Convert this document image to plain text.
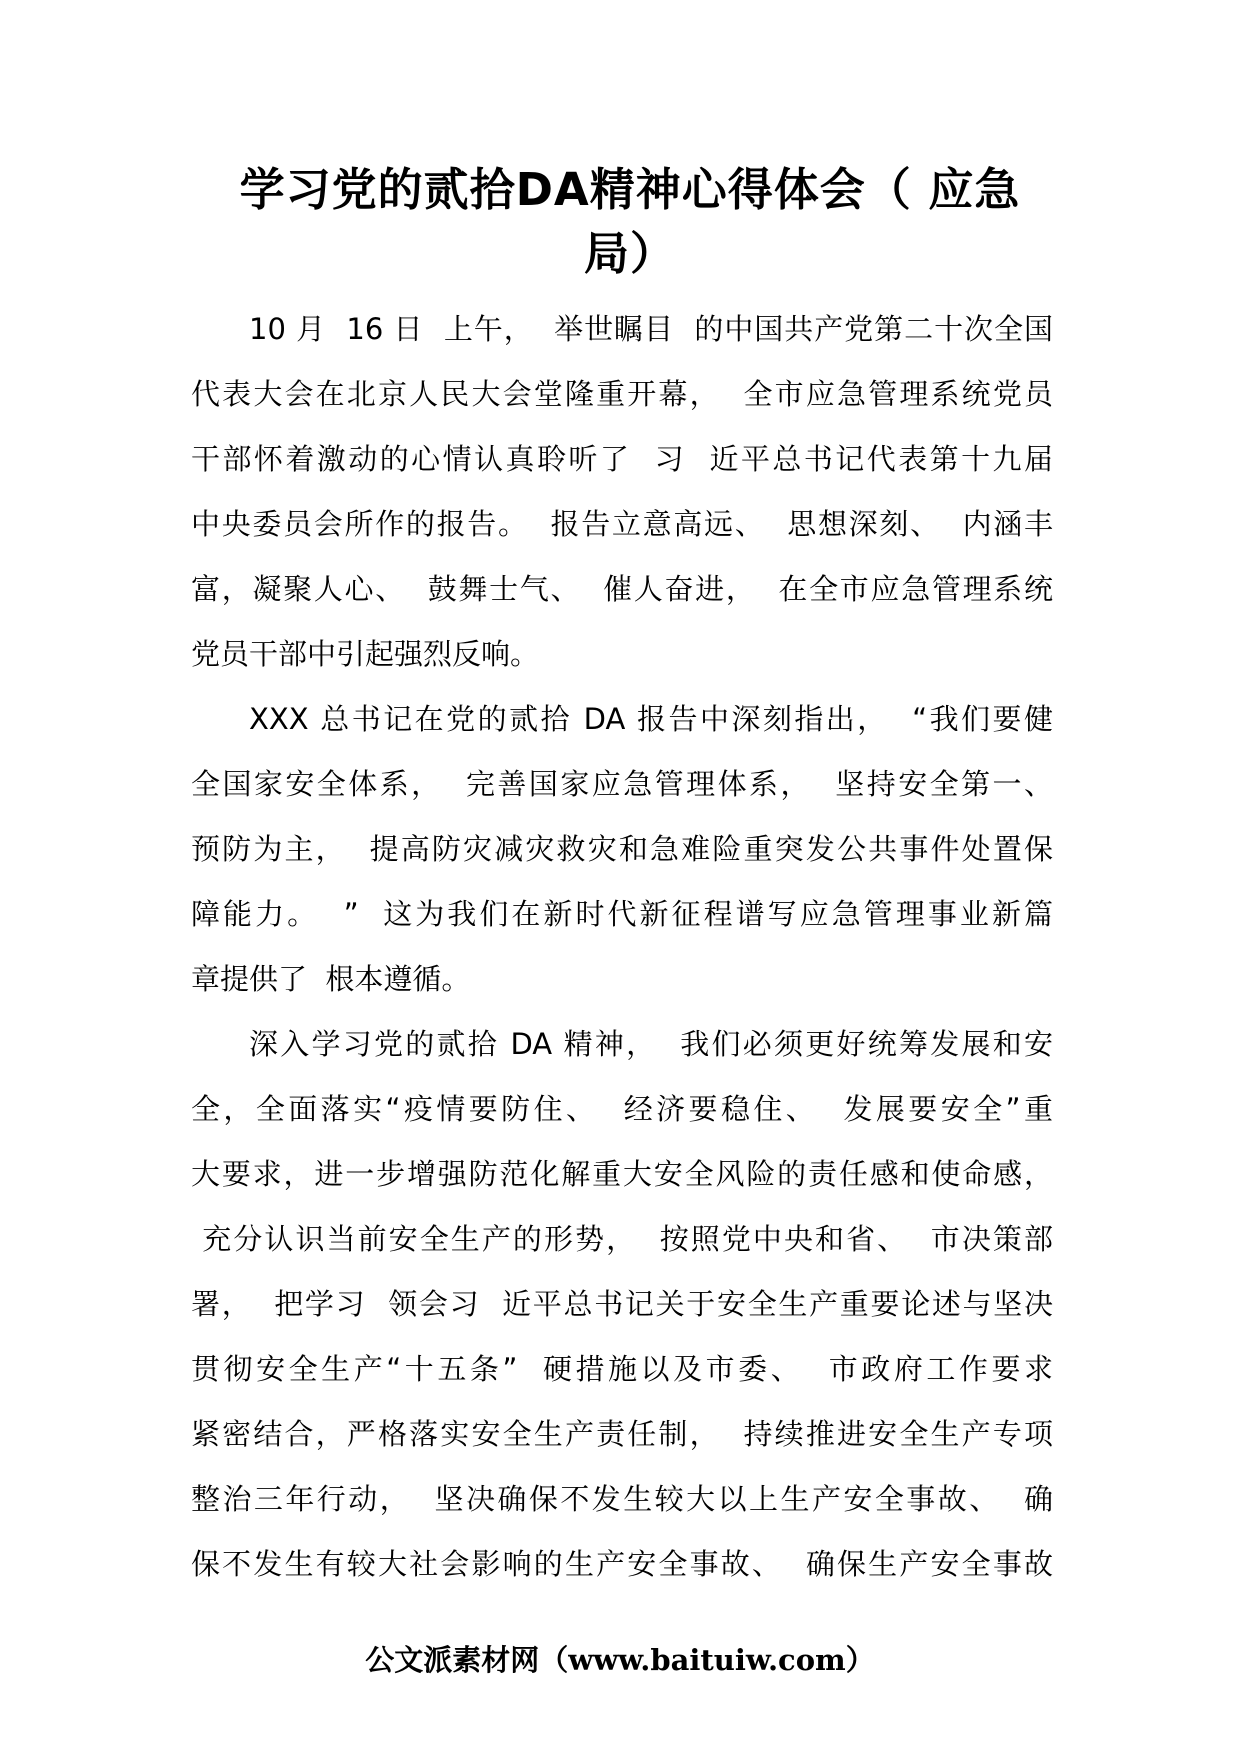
学习党的贰拾DA精神心得体会（ 应急
局）
10 月  16 日  上午，  举世瞩目  的中国共产党第二十次全国
代表大会在北京人民大会堂隆重开幕，  全市应急管理系统党员
干部怀着激动的心情认真聆听了  习  近平总书记代表第十九届
中央委员会所作的报告。  报告立意高远、  思想深刻、  内涵丰
富，凝聚人心、  鼓舞士气、  催人奋进，  在全市应急管理系统
党员干部中引起强烈反响。
XXX 总书记在党的贰拾 DA 报告中深刻指出，  “我们要健
全国家安全体系，  完善国家应急管理体系，  坚持安全第一、
预防为主，  提高防灾减灾救灾和急难险重突发公共事件处置保
障能力。  ”  这为我们在新时代新征程谱写应急管理事业新篇
章提供了  根本遵循。
深入学习党的贰拾 DA 精神，  我们必须更好统筹发展和安
全，全面落实“疫情要防住、  经济要稳住、  发展要安全”重
大要求，进一步增强防范化解重大安全风险的责任感和使命感，
充分认识当前安全生产的形势，  按照党中央和省、  市决策部
署，  把学习  领会习  近平总书记关于安全生产重要论述与坚决
贯彻安全生产“十五条”  硬措施以及市委、  市政府工作要求
紧密结合，严格落实安全生产责任制，  持续推进安全生产专项
整治三年行动，  坚决确保不发生较大以上生产安全事故、  确
保不发生有较大社会影响的生产安全事故、  确保生产安全事故
公文派素材网（www.baituiw.com）
